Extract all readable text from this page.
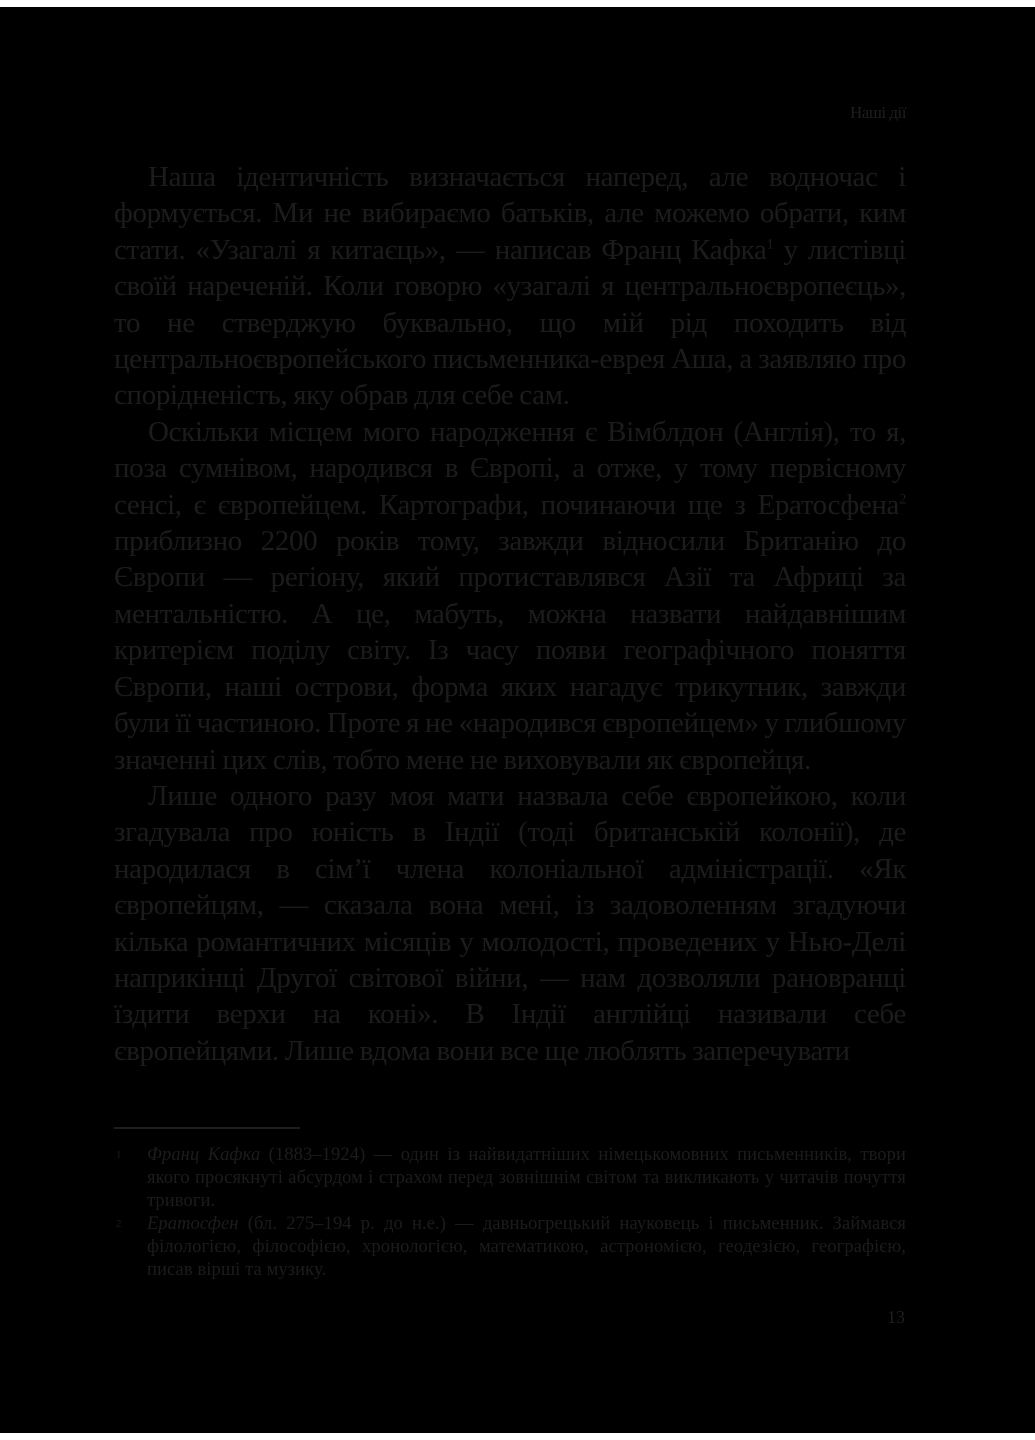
Наші дії

Наша ідентичність визначається наперед, але водночас і формується. Ми не вибираємо батьків, але можемо обрати, ким стати. «Узагалі я китаєць», — написав Франц Кафка$^1$ у листівці своїй нареченій. Коли говорю «узагалі я центральноєвропеєць», то не стверджую буквально, що мій рід походить від центральноєвропейського письменника-еврея Аша, а заявляю про спорідненість, яку обрав для себе сам.

Оскільки місцем мого народження є Вімблдон (Англія), то я, поза сумнівом, народився в Європі, а отже, у тому первісному сенсі, є європейцем. Картографи, починаючи ще з Ератосфена$^2$ приблизно 2200 років тому, завжди відносили Британію до Європи — регіону, який протиставлявся Азії та Африці за ментальністю. А це, мабуть, можна назвати найдавнішим критерієм поділу світу. Із часу появи географічного поняття Європи, наші острови, форма яких нагадує трикутник, завжди були її частиною. Проте я не «народився європейцем» у глибшому значенні цих слів, тобто мене не виховували як європейця.

Лише одного разу моя мати назвала себе європейкою, коли згадувала про юність в Індії (тоді британській колонії), де народилася в сім’ї члена колоніальної адміністрації. «Як європейцям, — сказала вона мені, із задоволенням згадуючи кілька романтичних місяців у молодості, проведених у Нью-Делі наприкінці Другої світової війни, — нам дозволяли рановранці їздити верхи на коні». В Індії англійці називали себе європейцями. Лише вдома вони все ще люблять заперечувати

1 Франц Кафка (1883–1924) — один із найвидатніших німецькомовних письменників, твори якого просякнуті абсурдом і страхом перед зовнішнім світом та викликають у читачів почуття тривоги.

2 Ератосфен (бл. 275–194 р. до н.е.) — давньогрецький науковець і письменник. Займався філологією, філософією, хронологією, математикою, астрономією, геодезією, географією, писав вірші та музику.

13
